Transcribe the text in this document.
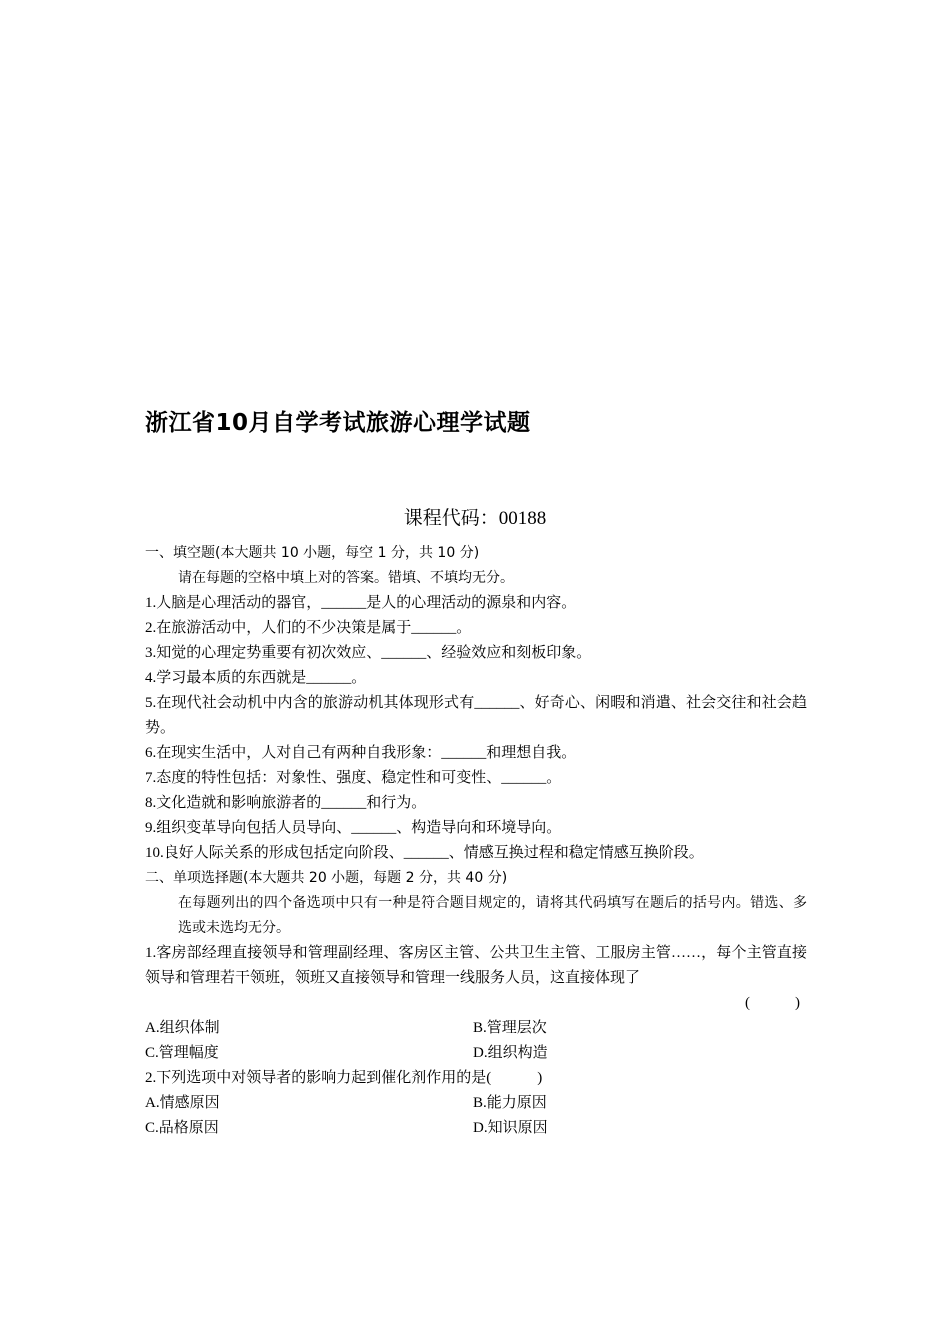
浙江省10月自学考试旅游心理学试题
课程代码：00188
一、填空题(本大题共 10 小题，每空 1 分，共 10 分)
请在每题的空格中填上对的答案。错填、不填均无分。
1.人脑是心理活动的器官，______是人的心理活动的源泉和内容。
2.在旅游活动中，人们的不少决策是属于______。
3.知觉的心理定势重要有初次效应、______、经验效应和刻板印象。
4.学习最本质的东西就是______。
5.在现代社会动机中内含的旅游动机其体现形式有______、好奇心、闲暇和消遣、社会交往和社会趋势。
6.在现实生活中，人对自己有两种自我形象：______和理想自我。
7.态度的特性包括：对象性、强度、稳定性和可变性、______。
8.文化造就和影响旅游者的______和行为。
9.组织变革导向包括人员导向、______、构造导向和环境导向。
10.良好人际关系的形成包括定向阶段、______、情感互换过程和稳定情感互换阶段。
二、单项选择题(本大题共 20 小题，每题 2 分，共 40 分)
在每题列出的四个备选项中只有一种是符合题目规定的，请将其代码填写在题后的括号内。错选、多选或未选均无分。
1.客房部经理直接领导和管理副经理、客房区主管、公共卫生主管、工服房主管……，每个主管直接领导和管理若干领班，领班又直接领导和管理一线服务人员，这直接体现了
(　　　)
A.组织体制	B.管理层次
C.管理幅度	D.组织构造
2.下列选项中对领导者的影响力起到催化剂作用的是(	)
A.情感原因	B.能力原因
C.品格原因	D.知识原因
